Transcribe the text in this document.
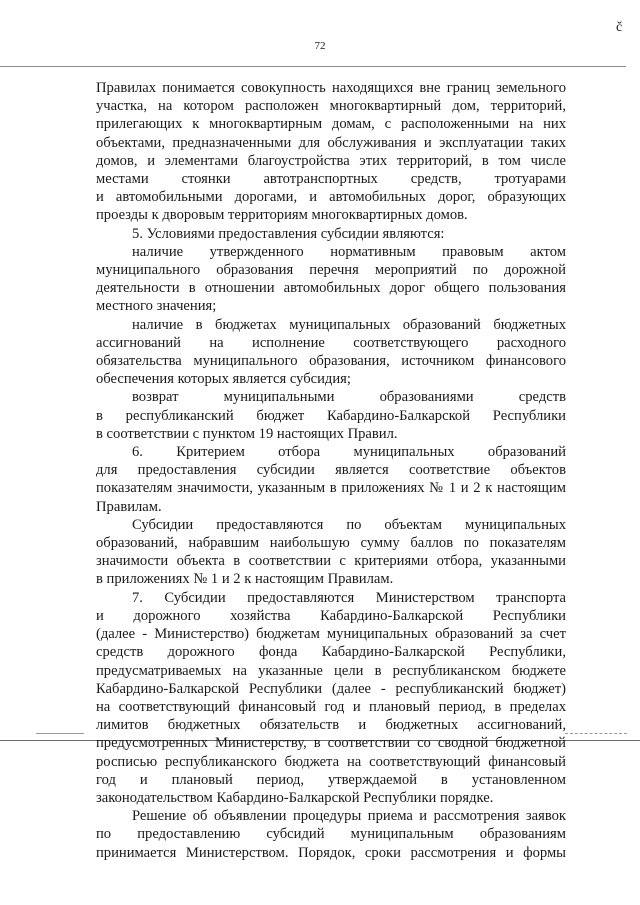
72
č

Правилах понимается совокупность находящихся вне границ земельного

участка, на котором расположен многоквартирный дом, территорий,

прилегающих к многоквартирным домам, с расположенными на них

объектами, предназначенными для обслуживания и эксплуатации таких

домов, и элементами благоустройства этих территорий, в том числе

местами стоянки автотранспортных средств, тротуарами

и автомобильными дорогами, и автомобильных дорог, образующих

проезды к дворовым территориям многоквартирных домов.

5. Условиями предоставления субсидии являются:

наличие утвержденного нормативным правовым актом

муниципального образования перечня мероприятий по дорожной

деятельности в отношении автомобильных дорог общего пользования

местного значения;

наличие в бюджетах муниципальных образований бюджетных

ассигнований на исполнение соответствующего расходного

обязательства муниципального образования, источником финансового

обеспечения которых является субсидия;

возврат муниципальными образованиями средств

в республиканский бюджет Кабардино-Балкарской Республики

в соответствии с пунктом 19 настоящих Правил.

6. Критерием отбора муниципальных образований

для предоставления субсидии является соответствие объектов

показателям значимости, указанным в приложениях № 1 и 2 к настоящим

Правилам.

Субсидии предоставляются по объектам муниципальных

образований, набравшим наибольшую сумму баллов по показателям

значимости объекта в соответствии с критериями отбора, указанными

в приложениях № 1 и 2 к настоящим Правилам.

7. Субсидии предоставляются Министерством транспорта

и дорожного хозяйства Кабардино-Балкарской Республики

(далее - Министерство) бюджетам муниципальных образований за счет

средств дорожного фонда Кабардино-Балкарской Республики,

предусматриваемых на указанные цели в республиканском бюджете

Кабардино-Балкарской Республики (далее - республиканский бюджет)

на соответствующий финансовый год и плановый период, в пределах

лимитов бюджетных обязательств и бюджетных ассигнований,

предусмотренных Министерству, в соответствии со сводной бюджетной

росписью республиканского бюджета на соответствующий финансовый

год и плановый период, утверждаемой в установленном

законодательством Кабардино-Балкарской Республики порядке.

Решение об объявлении процедуры приема и рассмотрения заявок

по предоставлению субсидий муниципальным образованиям

принимается Министерством. Порядок, сроки рассмотрения и формы
